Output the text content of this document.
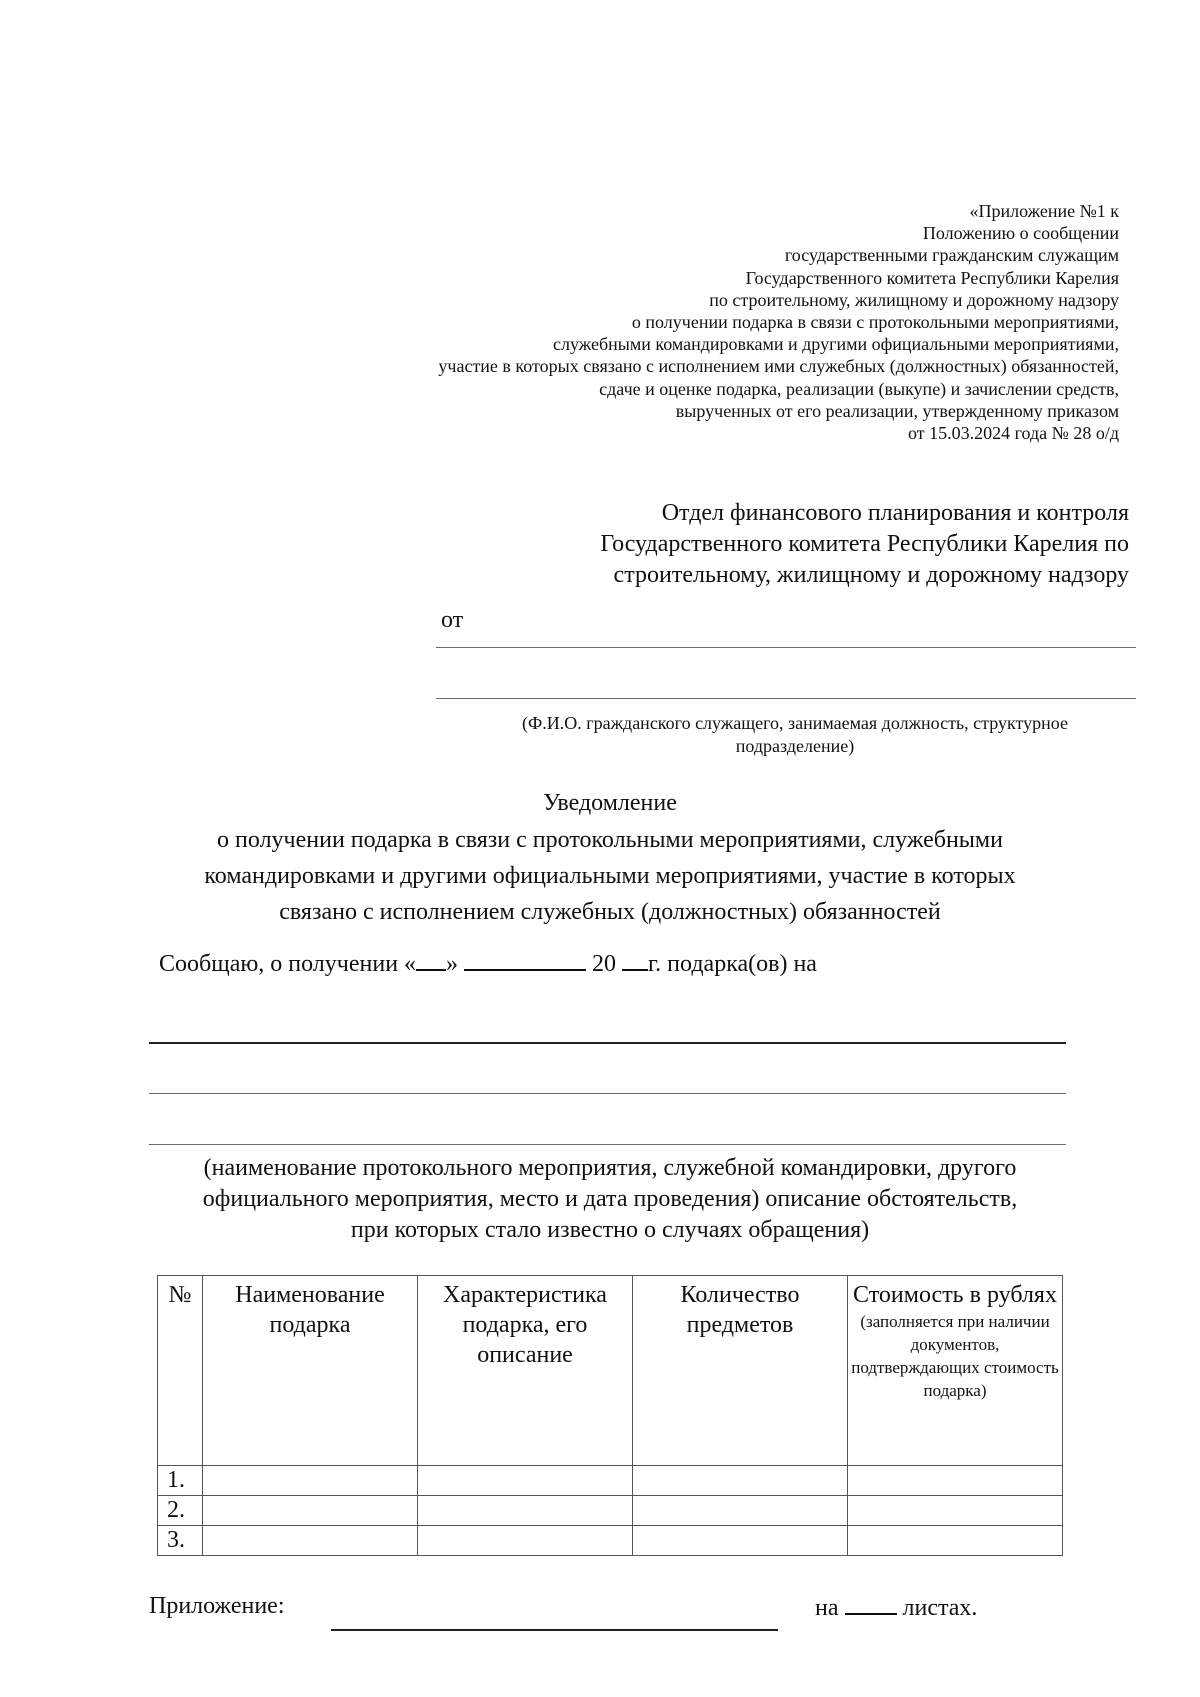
«Приложение №1 к
Положению о сообщении
государственными гражданским служащим
Государственного комитета Республики Карелия
по строительному, жилищному и дорожному надзору
о получении подарка в связи с протокольными мероприятиями,
служебными командировками и другими официальными мероприятиями,
участие в которых связано с исполнением ими служебных (должностных) обязанностей,
сдаче и оценке подарка, реализации (выкупе) и зачислении средств,
вырученных от его реализации, утвержденному приказом
от 15.03.2024 года № 28 о/д
Отдел финансового планирования и контроля
Государственного комитета Республики Карелия по
строительному, жилищному и дорожному надзору
от
(Ф.И.О. гражданского служащего, занимаемая должность, структурное
подразделение)
Уведомление
о получении подарка в связи с протокольными мероприятиями, служебными
командировками и другими официальными мероприятиями, участие в которых
связано с исполнением служебных (должностных) обязанностей
Сообщаю, о получении « »	20 г. подарка(ов) на
(наименование протокольного мероприятия, служебной командировки, другого
официального мероприятия, место и дата проведения) описание обстоятельств,
при которых стало известно о случаях обращения)
№	Наименование подарка	Характеристика подарка, его описание	Количество предметов	Стоимость в рублях
(заполняется при наличии документов, подтверждающих стоимость подарка)

1.				
2.				
3.				
Приложение:	на	листах.
